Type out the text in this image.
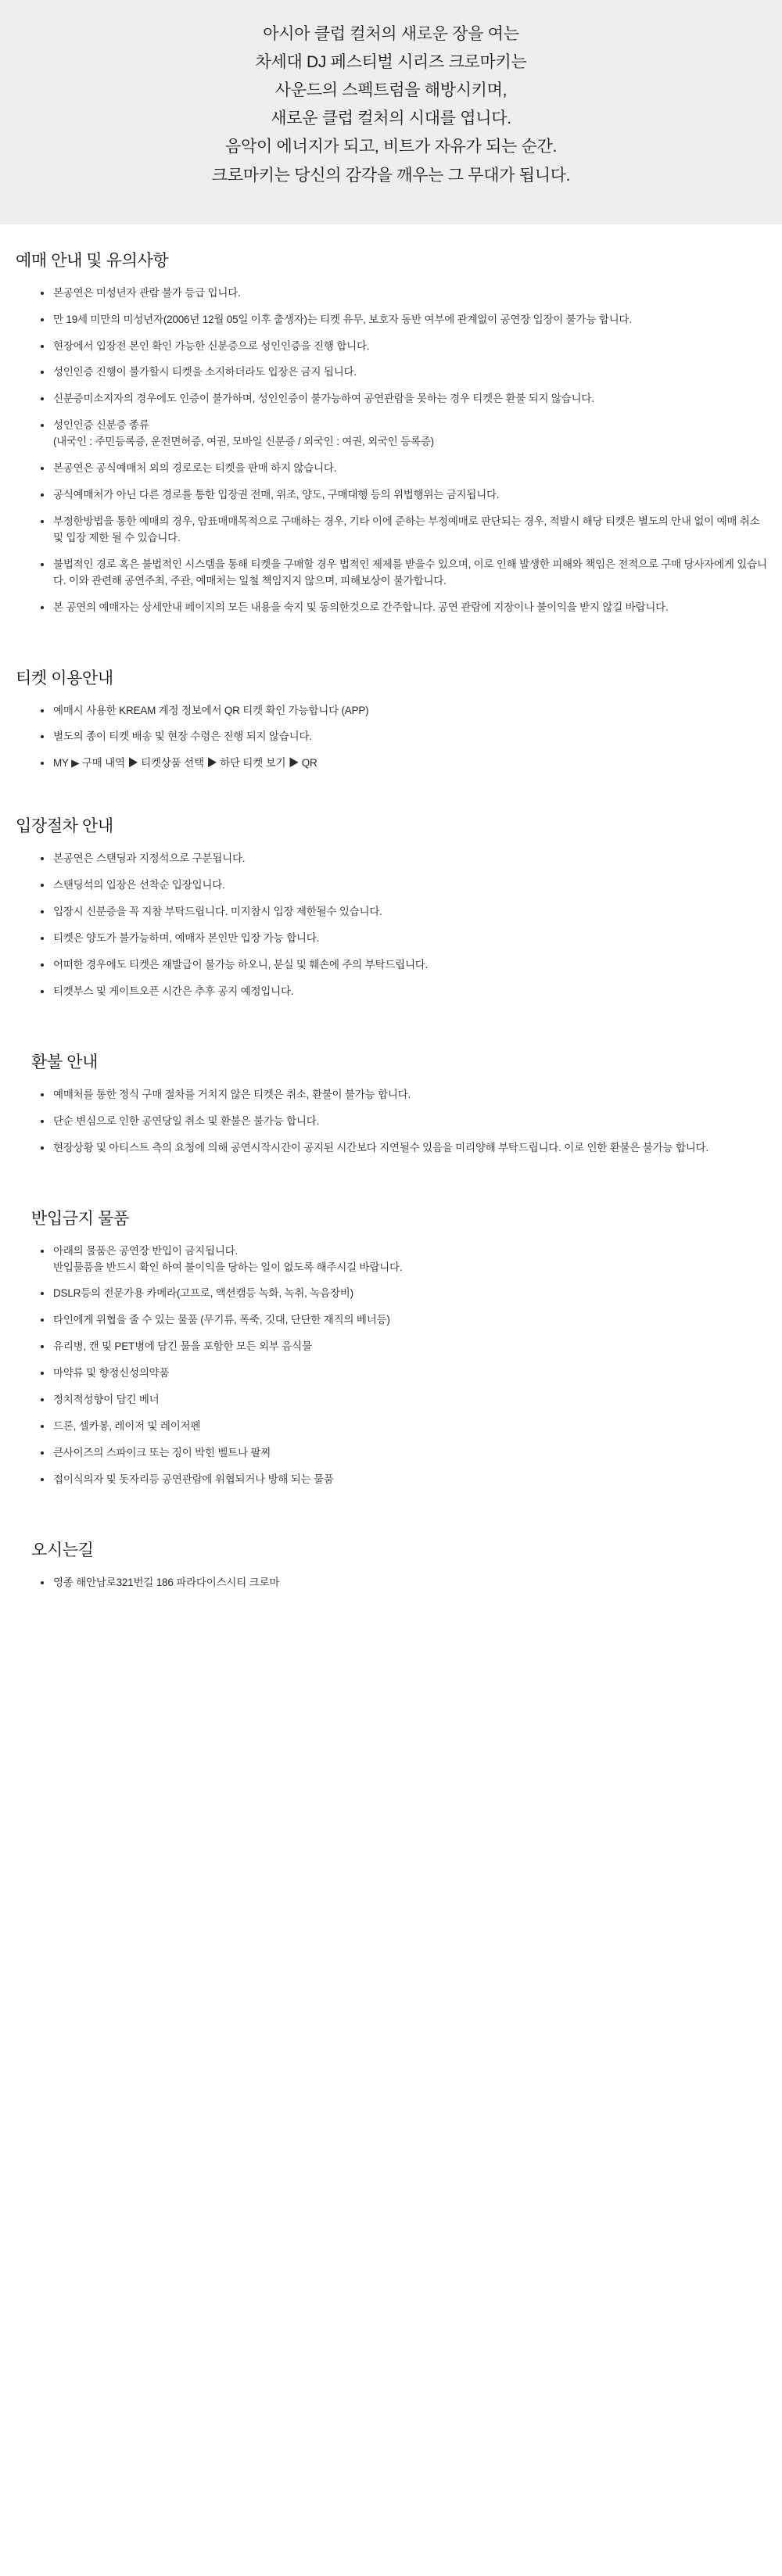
아시아 클럽 컬처의 새로운 장을 여는
차세대 DJ 페스티벌 시리즈 크로마키는
사운드의 스펙트럼을 해방시키며,
새로운 클럽 컬처의 시대를 엽니다.
음악이 에너지가 되고, 비트가 자유가 되는 순간.
크로마키는 당신의 감각을 깨우는 그 무대가 됩니다.
예매 안내 및 유의사항
본공연은 미성년자 관람 불가 등급 입니다.
만 19세 미만의 미성년자(2006년 12월 05일 이후 출생자)는 티켓 유무, 보호자 동반 여부에 관계없이 공연장 입장이 불가능 합니다.
현장에서 입장전 본인 확인 가능한 신분증으로 성인인증을 진행 합니다.
성인인증 진행이 불가할시 티켓을 소지하더라도 입장은 금지 됩니다.
신분증미소지자의 경우에도 인증이 불가하며, 성인인증이 불가능하여 공연관람을 못하는 경우 티켓은 환불 되지 않습니다.
성인인증 신분증 종류
(내국인 : 주민등록증, 운전면허증, 여권, 모바일 신분증 / 외국인 : 여권, 외국인 등록증)
본공연은 공식예매처 외의 경로로는 티켓을 판매 하지 않습니다.
공식예매처가 아닌 다른 경로를 통한 입장권 전매, 위조, 양도, 구매대행 등의 위법행위는 금지됩니다.
부정한방법을 통한 예매의 경우, 암표매매목적으로 구매하는 경우, 기타 이에 준하는 부정예매로 판단되는 경우, 적발시 해당 티켓은 별도의 안내 없이 예매 취소 및 입장 제한 될 수 있습니다.
불법적인 경로 혹은 불법적인 시스템을 통해 티켓을 구매할 경우 법적인 제제를 받을수 있으며, 이로 인해 발생한 피해와 책임은 전적으로 구매 당사자에게 있습니다. 이와 관련해 공연주최, 주관, 예매처는 일철 책임지지 않으며, 피해보상이 불가합니다.
본 공연의 예매자는 상세안내 페이지의 모든 내용을 숙지 및 동의한것으로 간주합니다. 공연 관람에 지장이나 불이익을 받지 않길 바랍니다.
티켓 이용안내
예매시 사용한 KREAM 계정 정보에서 QR 티켓 확인 가능합니다 (APP)
별도의 종이 티켓 배송 및 현장 수령은 진행 되지 않습니다.
MY ▶ 구매 내역 ▶ 티켓상품 선택 ▶ 하단 티켓 보기 ▶ QR
입장절차 안내
본공연은 스탠딩과 지정석으로 구분됩니다.
스탠딩석의 입장은 선착순 입장입니다.
입장시 신분증을 꼭 지참 부탁드립니다. 미지참시 입장 제한될수 있습니다.
티켓은 양도가 불가능하며, 예매자 본인만 입장 가능 합니다.
어떠한 경우에도 티켓은 재발급이 불가능 하오니, 분실 및 훼손에 주의 부탁드립니다.
티켓부스 및 게이트오픈 시간은 추후 공지 예정입니다.
환불 안내
예매처를 통한 정식 구매 절차를 거치지 않은 티켓은 취소, 환불이 불가능 합니다.
단순 변심으로 인한 공연당일 취소 및 환불은 불가능 합니다.
현장상황 및 아티스트 측의 요청에 의해 공연시작시간이 공지된 시간보다 지연될수 있음을 미리양해 부탁드립니다. 이로 인한 환불은 불가능 합니다.
반입금지 물품
아래의 물품은 공연장 반입이 금지됩니다.
반입물품을 반드시 확인 하여 불이익을 당하는 일이 없도록 해주시길 바랍니다.
DSLR등의 전문가용 카메라(고프로, 액션캠등 녹화, 녹취, 녹음장비)
타인에게 위협을 줄 수 있는 물품 (무기류, 폭죽, 깃대, 단단한 재직의 베너등)
유리병, 캔 및 PET병에 담긴 물을 포함한 모든 외부 음식물
마약류 및 향정신성의약품
정치적성향이 담긴 베너
드론, 셀카봉, 레이저 및 레이저펜
큰사이즈의 스파이크 또는 징이 박힌 벨트나 팔찌
접이식의자 및 돗자리등 공연관람에 위협되거나 방해 되는 물품
오시는길
영종 해안남로321번길 186 파라다이스시티 크로마
